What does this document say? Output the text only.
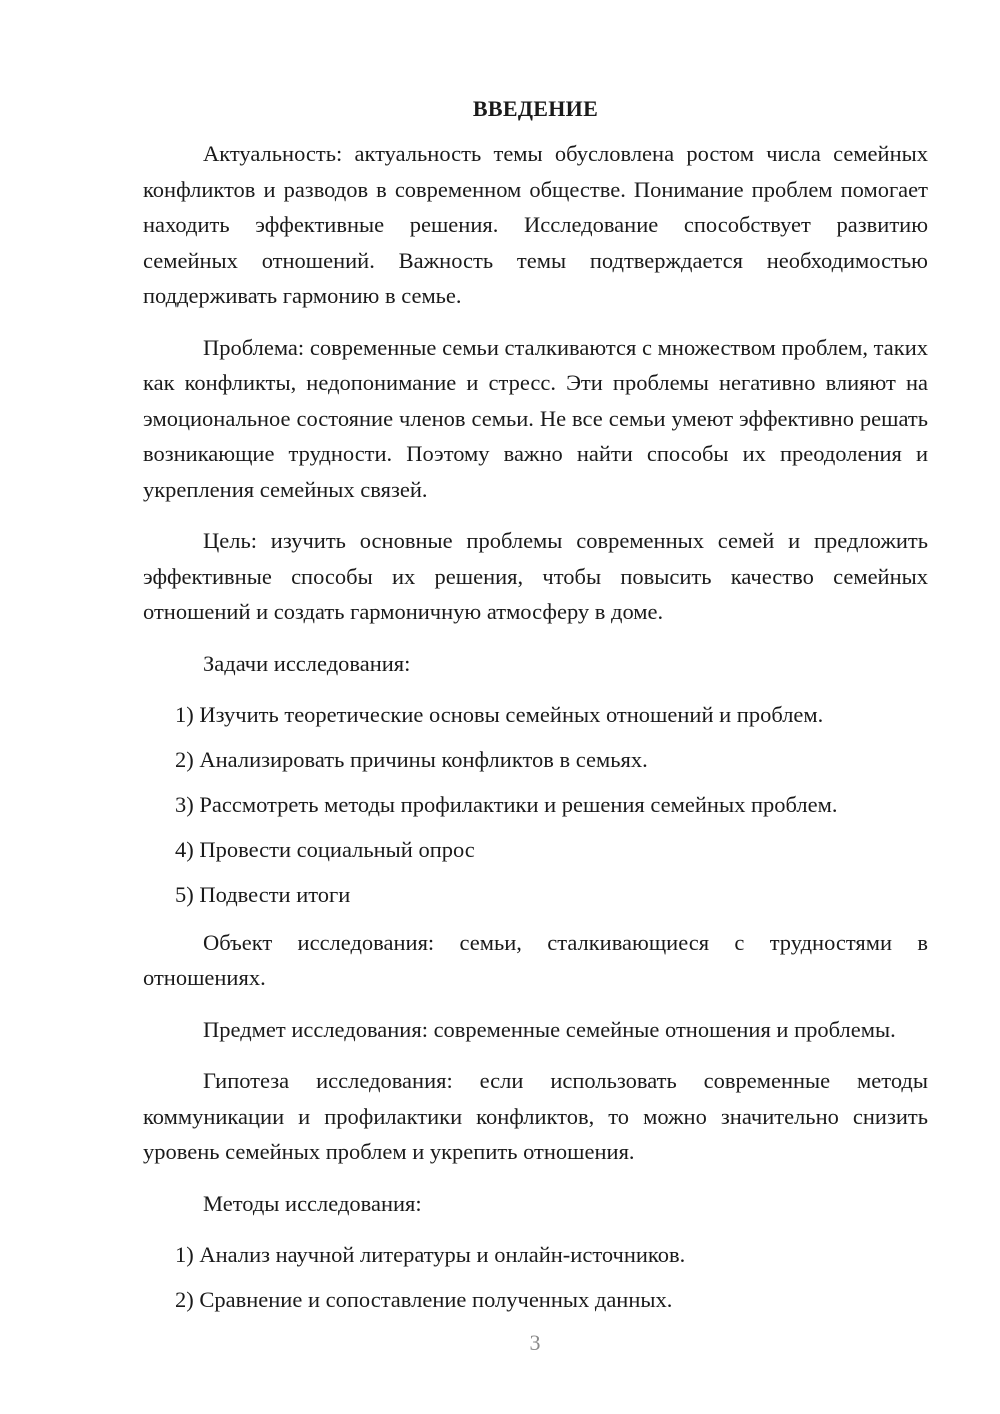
ВВЕДЕНИЕ

Актуальность: актуальность темы обусловлена ростом числа семейных конфликтов и разводов в современном обществе. Понимание проблем помогает находить эффективные решения. Исследование способствует развитию семейных отношений. Важность темы подтверждается необходимостью поддерживать гармонию в семье.

Проблема: современные семьи сталкиваются с множеством проблем, таких как конфликты, недопонимание и стресс. Эти проблемы негативно влияют на эмоциональное состояние членов семьи. Не все семьи умеют эффективно решать возникающие трудности. Поэтому важно найти способы их преодоления и укрепления семейных связей.

Цель: изучить основные проблемы современных семей и предложить эффективные способы их решения, чтобы повысить качество семейных отношений и создать гармоничную атмосферу в доме.

Задачи исследования:

1) Изучить теоретические основы семейных отношений и проблем.

2) Анализировать причины конфликтов в семьях.

3) Рассмотреть методы профилактики и решения семейных проблем.

4) Провести социальный опрос

5) Подвести итоги

Объект исследования: семьи, сталкивающиеся с трудностями в отношениях.

Предмет исследования: современные семейные отношения и проблемы.

Гипотеза исследования: если использовать современные методы коммуникации и профилактики конфликтов, то можно значительно снизить уровень семейных проблем и укрепить отношения.

Методы исследования:

1) Анализ научной литературы и онлайн-источников.

2) Сравнение и сопоставление полученных данных.

3
